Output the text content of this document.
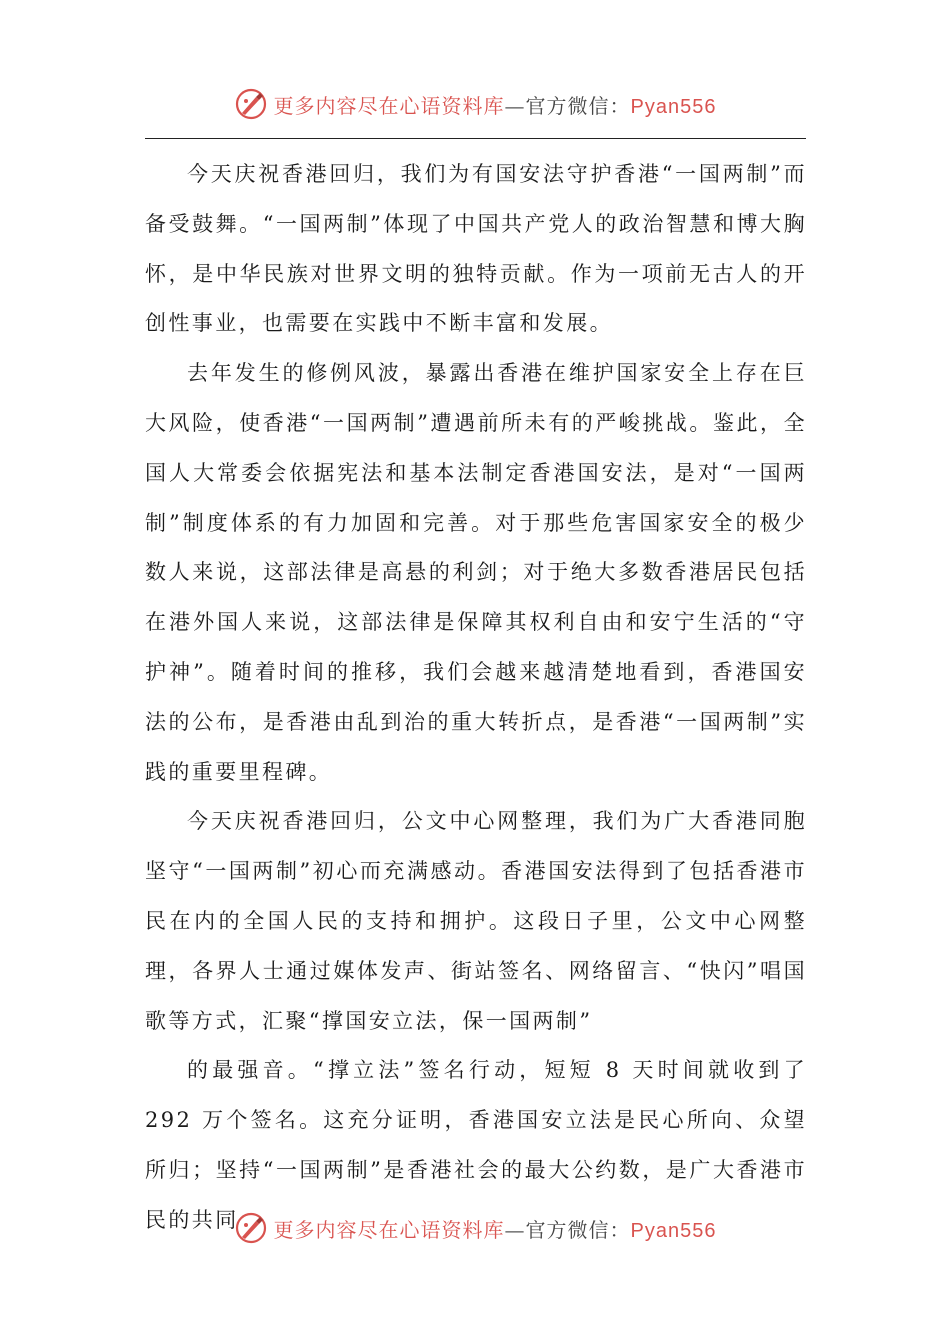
更多内容尽在心语资料库—官方微信：Pyan556

今天庆祝香港回归，我们为有国安法守护香港“一国两制”而备受鼓舞。“一国两制”体现了中国共产党人的政治智慧和博大胸怀，是中华民族对世界文明的独特贡献。作为一项前无古人的开创性事业，也需要在实践中不断丰富和发展。

去年发生的修例风波，暴露出香港在维护国家安全上存在巨大风险，使香港“一国两制”遭遇前所未有的严峻挑战。鉴此，全国人大常委会依据宪法和基本法制定香港国安法，是对“一国两制”制度体系的有力加固和完善。对于那些危害国家安全的极少数人来说，这部法律是高悬的利剑；对于绝大多数香港居民包括在港外国人来说，这部法律是保障其权利自由和安宁生活的“守护神”。随着时间的推移，我们会越来越清楚地看到，香港国安法的公布，是香港由乱到治的重大转折点，是香港“一国两制”实践的重要里程碑。

今天庆祝香港回归，公文中心网整理，我们为广大香港同胞坚守“一国两制”初心而充满感动。香港国安法得到了包括香港市民在内的全国人民的支持和拥护。这段日子里，公文中心网整理，各界人士通过媒体发声、街站签名、网络留言、“快闪”唱国歌等方式，汇聚“撑国安立法，保一国两制”

的最强音。“撑立法”签名行动，短短 8 天时间就收到了 292 万个签名。这充分证明，香港国安立法是民心所向、众望所归；坚持“一国两制”是香港社会的最大公约数，是广大香港市民的共同	更多内容尽在心语资料库—官方微信：Pyan556
